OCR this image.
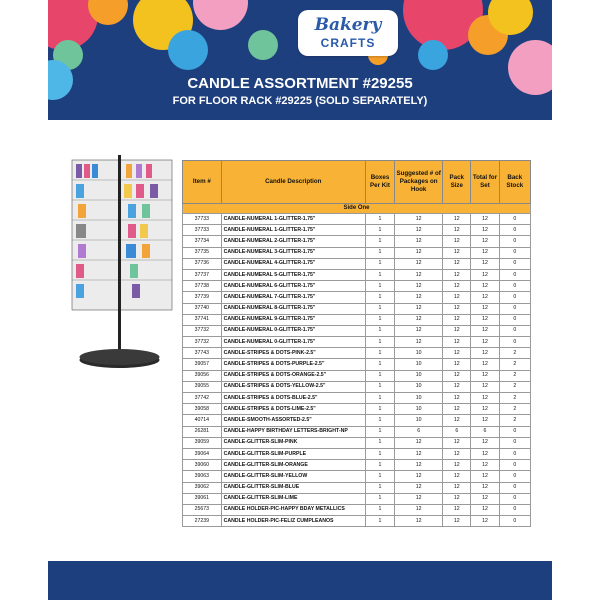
Bakery
CRAFTS
CANDLE ASSORTMENT #29255
FOR FLOOR RACK #29225 (SOLD SEPARATELY)
Item #	Candle Description	Boxes Per Kit	Suggested # of Packages on Hook	Pack Size	Total for Set	Back Stock
Side One						
37733	CANDLE-NUMERAL 1-GLITTER-1.75"	1	12	12	12	0
37733	CANDLE-NUMERAL 1-GLITTER-1.75"	1	12	12	12	0
37734	CANDLE-NUMERAL 2-GLITTER-1.75"	1	12	12	12	0
37735	CANDLE-NUMERAL 3-GLITTER-1.75"	1	12	12	12	0
37736	CANDLE-NUMERAL 4-GLITTER-1.75"	1	12	12	12	0
37737	CANDLE-NUMERAL 5-GLITTER-1.75"	1	12	12	12	0
37738	CANDLE-NUMERAL 6-GLITTER-1.75"	1	12	12	12	0
37739	CANDLE-NUMERAL 7-GLITTER-1.75"	1	12	12	12	0
37740	CANDLE-NUMERAL 8-GLITTER-1.75"	1	12	12	12	0
37741	CANDLE-NUMERAL 9-GLITTER-1.75"	1	12	12	12	0
37732	CANDLE-NUMERAL 0-GLITTER-1.75"	1	12	12	12	0
37732	CANDLE-NUMERAL 0-GLITTER-1.75"	1	12	12	12	0
37743	CANDLE-STRIPES & DOTS-PINK-2.5"	1	10	12	12	2
39057	CANDLE-STRIPES & DOTS-PURPLE-2.5"	1	10	12	12	2
39056	CANDLE-STRIPES & DOTS-ORANGE-2.5"	1	10	12	12	2
39055	CANDLE-STRIPES & DOTS-YELLOW-2.5"	1	10	12	12	2
37742	CANDLE-STRIPES & DOTS-BLUE-2.5"	1	10	12	12	2
39058	CANDLE-STRIPES & DOTS-LIME-2.5"	1	10	12	12	2
40714	CANDLE-SMOOTH-ASSORTED-2.5"	1	10	12	12	2
26281	CANDLE-HAPPY BIRTHDAY LETTERS-BRIGHT-NP	1	6	6	6	0
39059	CANDLE-GLITTER-SLIM-PINK	1	12	12	12	0
39064	CANDLE-GLITTER-SLIM-PURPLE	1	12	12	12	0
39060	CANDLE-GLITTER-SLIM-ORANGE	1	12	12	12	0
39063	CANDLE-GLITTER-SLIM-YELLOW	1	12	12	12	0
39062	CANDLE-GLITTER-SLIM-BLUE	1	12	12	12	0
39061	CANDLE-GLITTER-SLIM-LIME	1	12	12	12	0
25673	CANDLE HOLDER-PIC-HAPPY BDAY METALLICS	1	12	12	12	0
27239	CANDLE HOLDER-PIC-FELIZ CUMPLEANOS	1	12	12	12	0
